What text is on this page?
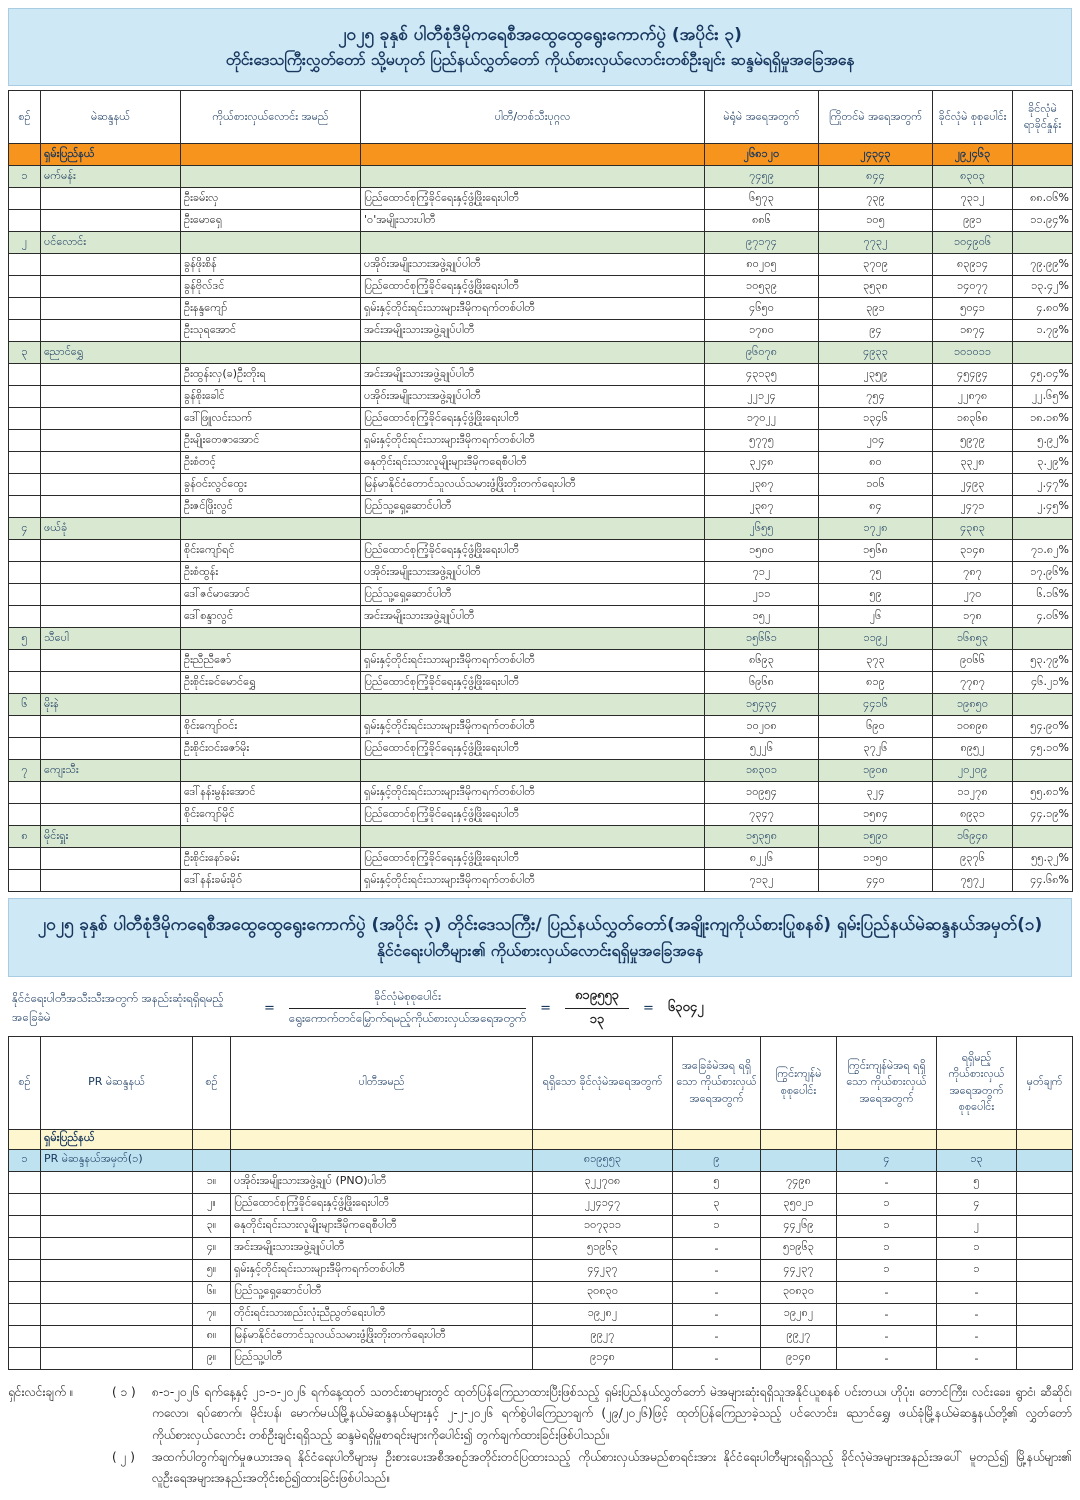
၂၀၂၅ ခုနှစ် ပါတီစုံဒီမိုကရေစီအထွေထွေရွေးကောက်ပွဲ (အပိုင်း ၃)
တိုင်းဒေသကြီးလွှတ်တော် သို့မဟုတ် ပြည်နယ်လွှတ်တော် ကိုယ်စားလှယ်လောင်းတစ်ဦးချင်း ဆန္ဒမဲရရှိမှုအခြေအနေ
စဉ်	မဲဆန္ဒနယ်	ကိုယ်စားလှယ်လောင်း အမည်	ပါတီ/တစ်သီးပုဂ္ဂလ	မဲရုံမဲ အရေအတွက်	ကြိုတင်မဲ အရေအတွက်	ခိုင်လုံမဲ စုစုပေါင်း	ခိုင်လုံမဲ ရာခိုင်နှုန်း
	ရှမ်းပြည်နယ်			၂၆၈၁၂၀	၂၄၃၄၃	၂၉၂၄၆၃	
၁	မက်မန်း			၇၄၅၉	၈၄၄	၈၃၀၃	
		ဦးခမ်းလှ	ပြည်ထောင်စုကြံ့ခိုင်ရေးနှင့်ဖွံ့ဖြိုးရေးပါတီ	၆၅၇၃	၇၃၉	၇၃၁၂	၈၈.၀၆%
		ဦးမောရှေ	'ဝ'အမျိုးသားပါတီ	၈၈၆	၁၀၅	၉၉၁	၁၁.၉၄%
၂	ပင်လောင်း			၉၇၁၇၄	၇၇၃၂	၁၀၄၉၀၆	
		ခွန်ဖိုးစိန်	ပအိုဝ်းအမျိုးသားအဖွဲ့ချုပ်ပါတီ	၈၀၂၀၅	၃၇၀၉	၈၃၉၁၄	၇၉.၉၉%
		ခွန်ဗိုလ်ဒင်	ပြည်ထောင်စုကြံ့ခိုင်ရေးနှင့်ဖွံ့ဖြိုးရေးပါတီ	၁၀၅၃၉	၃၅၃၈	၁၄၀၇၇	၁၃.၄၂%
		ဦးနန္ဒကျော်	ရှမ်းနှင့်တိုင်းရင်းသားများဒီမိုကရက်တစ်ပါတီ	၄၆၅၀	၃၉၁	၅၀၄၁	၄.၈၀%
		ဦးသုရအောင်	အင်းအမျိုးသားအဖွဲ့ချုပ်ပါတီ	၁၇၈၀	၉၄	၁၈၇၄	၁.၇၉%
၃	ညောင်ရွှေ			၉၆၀၇၈	၄၉၃၃	၁၀၁၀၁၁	
		ဦးထွန်းလှ(ခ)ဦးတိုးရ	အင်းအမျိုးသားအဖွဲ့ချုပ်ပါတီ	၄၃၁၃၅	၂၃၅၉	၄၅၄၉၄	၄၅.၀၄%
		ခွန်စိုးခေါင်	ပအိုဝ်းအမျိုးသားအဖွဲ့ချုပ်ပါတီ	၂၂၁၂၄	၇၅၄	၂၂၈၇၈	၂၂.၆၅%
		ဒေါ်ဖြူလင်းသက်	ပြည်ထောင်စုကြံ့ခိုင်ရေးနှင့်ဖွံ့ဖြိုးရေးပါတီ	၁၇၀၂၂	၁၃၄၆	၁၈၃၆၈	၁၈.၁၈%
		ဦးမျိုးတေဇာအောင်	ရှမ်းနှင့်တိုင်းရင်းသားများဒီမိုကရက်တစ်ပါတီ	၅၇၇၅	၂၀၄	၅၉၇၉	၅.၉၂%
		ဦးစံတင့်	ဓနုတိုင်းရင်းသားလူမျိုးများဒီမိုကရေစီပါတီ	၃၂၄၈	၈၀	၃၃၂၈	၃.၂၉%
		ခွန်ဝင်းလွင်ထွေး	မြန်မာနိုင်ငံတောင်သူလယ်သမားဖွံ့ဖြိုးတိုးတက်ရေးပါတီ	၂၃၈၇	၁၀၆	၂၄၉၃	၂.၄၇%
		ဦးဇင်ဖြိုးလွင်	ပြည်သူ့ရှေ့ဆောင်ပါတီ	၂၃၈၇	၈၄	၂၄၇၁	၂.၄၅%
၄	ဖယ်ခုံ			၂၆၅၅	၁၇၂၈	၄၃၈၃	
		စိုင်းကျော်ရင်	ပြည်ထောင်စုကြံ့ခိုင်ရေးနှင့်ဖွံ့ဖြိုးရေးပါတီ	၁၅၈၀	၁၅၆၈	၃၁၄၈	၇၁.၈၂%
		ဦးစံထွန်း	ပအိုဝ်းအမျိုးသားအဖွဲ့ချုပ်ပါတီ	၇၁၂	၇၅	၇၈၇	၁၇.၉၆%
		ဒေါ်ဇင်မာအောင်	ပြည်သူ့ရှေ့ဆောင်ပါတီ	၂၁၁	၅၉	၂၇၀	၆.၁၆%
		ဒေါ်စန္ဒာလွင်	အင်းအမျိုးသားအဖွဲ့ချုပ်ပါတီ	၁၅၂	၂၆	၁၇၈	၄.၀၆%
၅	သီပေါ			၁၅၆၆၁	၁၁၉၂	၁၆၈၅၃	
		ဦးညီညီဇော်	ရှမ်းနှင့်တိုင်းရင်းသားများဒီမိုကရက်တစ်ပါတီ	၈၆၉၃	၃၇၃	၉၀၆၆	၅၃.၇၉%
		ဦးစိုင်းခင်မောင်ရွှေ	ပြည်ထောင်စုကြံ့ခိုင်ရေးနှင့်ဖွံ့ဖြိုးရေးပါတီ	၆၉၆၈	၈၁၉	၇၇၈၇	၄၆.၂၁%
၆	မိုးနဲ			၁၅၄၃၄	၄၄၁၆	၁၉၈၅၀	
		စိုင်းကျော်ဝင်း	ရှမ်းနှင့်တိုင်းရင်းသားများဒီမိုကရက်တစ်ပါတီ	၁၀၂၀၈	၆၉၀	၁၀၈၉၈	၅၄.၉၀%
		ဦးစိုင်းဝင်းဇော်မိုး	ပြည်ထောင်စုကြံ့ခိုင်ရေးနှင့်ဖွံ့ဖြိုးရေးပါတီ	၅၂၂၆	၃၇၂၆	၈၉၅၂	၄၅.၁၀%
၇	ကျေးသီး			၁၈၃၀၁	၁၉၀၈	၂၀၂၀၉	
		ဒေါ်နန်းမွန်းအောင်	ရှမ်းနှင့်တိုင်းရင်းသားများဒီမိုကရက်တစ်ပါတီ	၁၀၉၅၄	၃၂၄	၁၁၂၇၈	၅၅.၈၁%
		စိုင်းကျော်မိုင်	ပြည်ထောင်စုကြံ့ခိုင်ရေးနှင့်ဖွံ့ဖြိုးရေးပါတီ	၇၃၄၇	၁၅၈၄	၈၉၃၁	၄၄.၁၉%
၈	မိုင်းရှူး			၁၅၃၅၈	၁၅၉၀	၁၆၉၄၈	
		ဦးစိုင်းနော်ခမ်း	ပြည်ထောင်စုကြံ့ခိုင်ရေးနှင့်ဖွံ့ဖြိုးရေးပါတီ	၈၂၂၆	၁၁၅၀	၉၃၇၆	၅၅.၃၂%
		ဒေါ်နန်းခမ်းမိုဝ်	ရှမ်းနှင့်တိုင်းရင်းသားများဒီမိုကရက်တစ်ပါတီ	၇၁၃၂	၄၄၀	၇၅၇၂	၄၄.၆၈%
၂၀၂၅ ခုနှစ် ပါတီစုံဒီမိုကရေစီအထွေထွေရွေးကောက်ပွဲ (အပိုင်း ၃) တိုင်းဒေသကြီး/ ပြည်နယ်လွှတ်တော်(အချိုးကျကိုယ်စားပြုစနစ်) ရှမ်းပြည်နယ်မဲဆန္ဒနယ်အမှတ်(၁)
နိုင်ငံရေးပါတီများ၏ ကိုယ်စားလှယ်လောင်းရရှိမှုအခြေအနေ
နိုင်ငံရေးပါတီအသီးသီးအတွက် အနည်းဆုံးရရှိရမည့်အခြေခံမဲ
= $\frac{\text{ခိုင်လုံမဲစုစုပေါင်း}}{\text{ရွေးကောက်တင်မြှောက်ရမည့်ကိုယ်စားလှယ်အရေအတွက်}} = \frac{၈၁၉၅၅၃}{၁၃}$ = ၆၃၀၄၂
စဉ်	PR မဲဆန္ဒနယ်	စဉ်	ပါတီအမည်	ရရှိသော ခိုင်လုံမဲအရေအတွက်	အခြေခံမဲအရ ရရှိသော ကိုယ်စားလှယ် အရေအတွက်	ကြွင်းကျန်မဲ စုစုပေါင်း	ကြွင်းကျန်မဲအရ ရရှိသော ကိုယ်စားလှယ် အရေအတွက်	ရရှိမည့် ကိုယ်စားလှယ် အရေအတွက် စုစုပေါင်း	မှတ်ချက်
	ရှမ်းပြည်နယ်								
၁	PR မဲဆန္ဒနယ်အမှတ်(၁)			၈၁၉၅၅၃	၉		၄	၁၃	
		၁။	ပအိုဝ်းအမျိုးသားအဖွဲ့ချုပ် (PNO)ပါတီ	၃၂၂၇၀၈	၅	၇၄၉၈	-	၅	
		၂။	ပြည်ထောင်စုကြံ့ခိုင်ရေးနှင့်ဖွံ့ဖြိုးရေးပါတီ	၂၂၄၁၄၇	၃	၃၅၀၂၁	၁	၄	
		၃။	ဓနုတိုင်းရင်းသားလူမျိုးများဒီမိုကရေစီပါတီ	၁၀၇၃၁၁	၁	၄၄၂၆၉	၁	၂	
		၄။	အင်းအမျိုးသားအဖွဲ့ချုပ်ပါတီ	၅၁၉၆၃	-	၅၁၉၆၃	၁	၁	
		၅။	ရှမ်းနှင့်တိုင်းရင်းသားများဒီမိုကရက်တစ်ပါတီ	၄၄၂၃၇	-	၄၄၂၃၇	၁	၁	
		၆။	ပြည်သူ့ရှေ့ဆောင်ပါတီ	၃၀၈၃၀	-	၃၀၈၃၀	-	-	
		၇။	တိုင်းရင်းသားစည်းလုံးညီညွတ်ရေးပါတီ	၁၉၂၈၂	-	၁၉၂၈၂	-	-	
		၈။	မြန်မာနိုင်ငံတောင်သူလယ်သမားဖွံ့ဖြိုးတိုးတက်ရေးပါတီ	၉၉၂၇	-	၉၉၂၇	-	-	
		၉။	ပြည်သူ့ပါတီ	၉၁၄၈	-	၉၁၄၈	-	-	
ရှင်းလင်းချက် ။	( ၁ )	၈-၁-၂၀၂၆ ရက်နေ့နှင့် ၂၁-၁-၂၀၂၆ ရက်နေ့ထုတ် သတင်းစာများတွင် ထုတ်ပြန်ကြေညာထားပြီးဖြစ်သည့် ရှမ်းပြည်နယ်လွှတ်တော် မဲအများဆုံးရရှိသူအနိုင်ယူစနစ် ပင်းတယ၊ ဟိုပုံး၊ တောင်ကြီး၊ လင်းခေး၊ ရွာငံ၊ ဆီဆိုင်၊ ကလော၊ ရပ်စောက်၊ မိုင်းပန်၊ မောက်မယ်မြို့နယ်မဲဆန္ဒနယ်များနှင့် ၂-၂-၂၀၂၆ ရက်စွဲပါကြေညာချက် (၂၉/၂၀၂၆)ဖြင့် ထုတ်ပြန်ကြေညာခဲ့သည့် ပင်လောင်း၊ ညောင်ရွှေ၊ ဖယ်ခုံမြို့နယ်မဲဆန္ဒနယ်တို့၏ လွှတ်တော်ကိုယ်စားလှယ်လောင်း တစ်ဦးချင်းရရှိသည့် ဆန္ဒမဲရရှိမှုစာရင်းများကိုပေါင်း၍ တွက်ချက်ထားခြင်းဖြစ်ပါသည်။
( ၂ )	အထက်ပါတွက်ချက်မှုဇယားအရ နိုင်ငံရေးပါတီများမှ ဦးစားပေးအစီအစဉ်အတိုင်းတင်ပြထားသည့် ကိုယ်စားလှယ်အမည်စာရင်းအား နိုင်ငံရေးပါတီများရရှိသည့် ခိုင်လုံမဲအများအနည်းအပေါ် မူတည်၍ မြို့နယ်များ၏ လူဦးရေအများအနည်းအတိုင်းစဉ်၍ထားခြင်းဖြစ်ပါသည်။
